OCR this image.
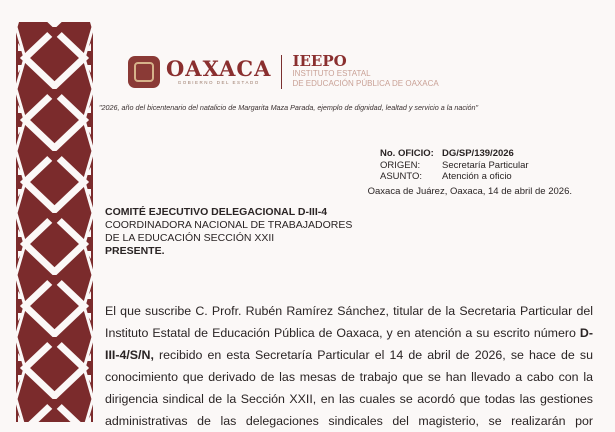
OAXACA
GOBIERNO DEL ESTADO
IEEPO
INSTITUTO ESTATAL
DE EDUCACIÓN PÚBLICA DE OAXACA
"2026, año del bicentenario del natalicio de Margarita Maza Parada, ejemplo de dignidad, lealtad y servicio a la nación"
No. OFICIO: DG/SP/139/2026
ORIGEN:	Secretaría Particular
ASUNTO:	Atención a oficio
Oaxaca de Juárez, Oaxaca, 14 de abril de 2026.
COMITÉ EJECUTIVO DELEGACIONAL D-III-4
COORDINADORA NACIONAL DE TRABAJADORES
DE LA EDUCACIÓN SECCIÓN XXII
PRESENTE.

El que suscribe C. Profr. Rubén Ramírez Sánchez, titular de la Secretaria Particular del Instituto Estatal de Educación Pública de Oaxaca, y en atención a su escrito número D-III-4/S/N, recibido en esta Secretaría Particular el 14 de abril de 2026, se hace de su conocimiento que derivado de las mesas de trabajo que se han llevado a cabo con la dirigencia sindical de la Sección XXII, en las cuales se acordó que todas las gestiones administrativas de las delegaciones sindicales del magisterio, se realizarán por
